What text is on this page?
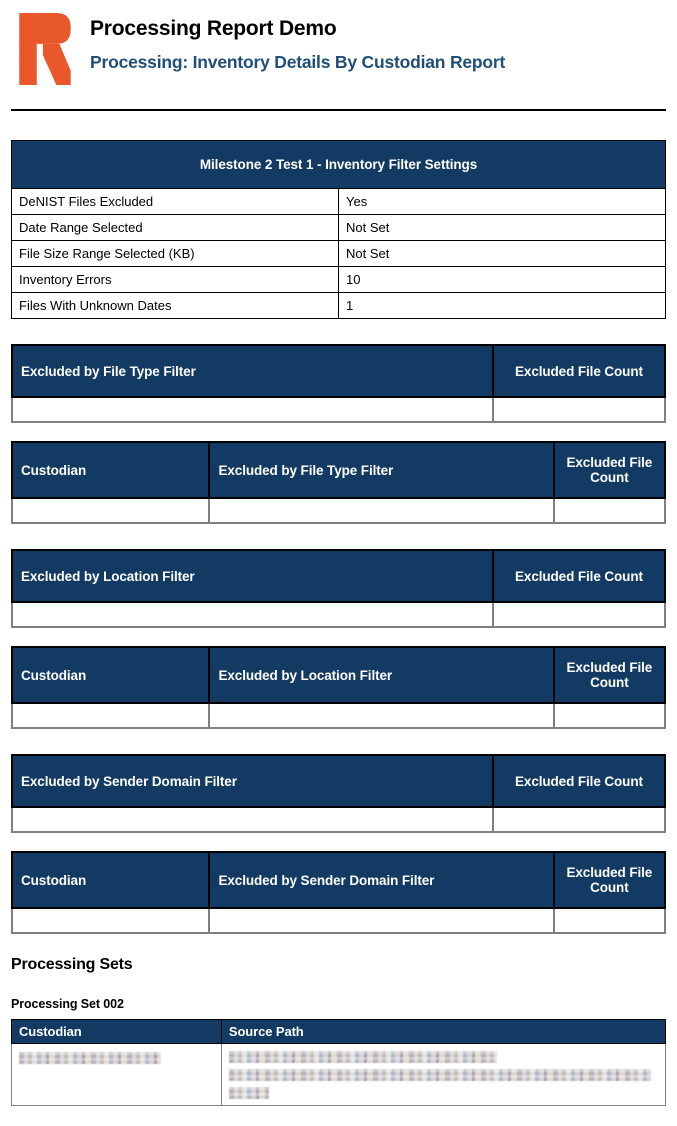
Processing Report Demo
Processing: Inventory Details By Custodian Report
Milestone 2 Test 1 - Inventory Filter Settings	
DeNIST Files Excluded	Yes
Date Range Selected	Not Set
File Size Range Selected (KB)	Not Set
Inventory Errors	10
Files With Unknown Dates	1
Excluded by File Type Filter	Excluded File Count

Custodian	Excluded by File Type Filter	Excluded File Count

Excluded by Location Filter	Excluded File Count

Custodian	Excluded by Location Filter	Excluded File Count

Excluded by Sender Domain Filter	Excluded File Count

Custodian	Excluded by Sender Domain Filter	Excluded File Count

Processing Sets
Processing Set 002
Custodian	Source Path
